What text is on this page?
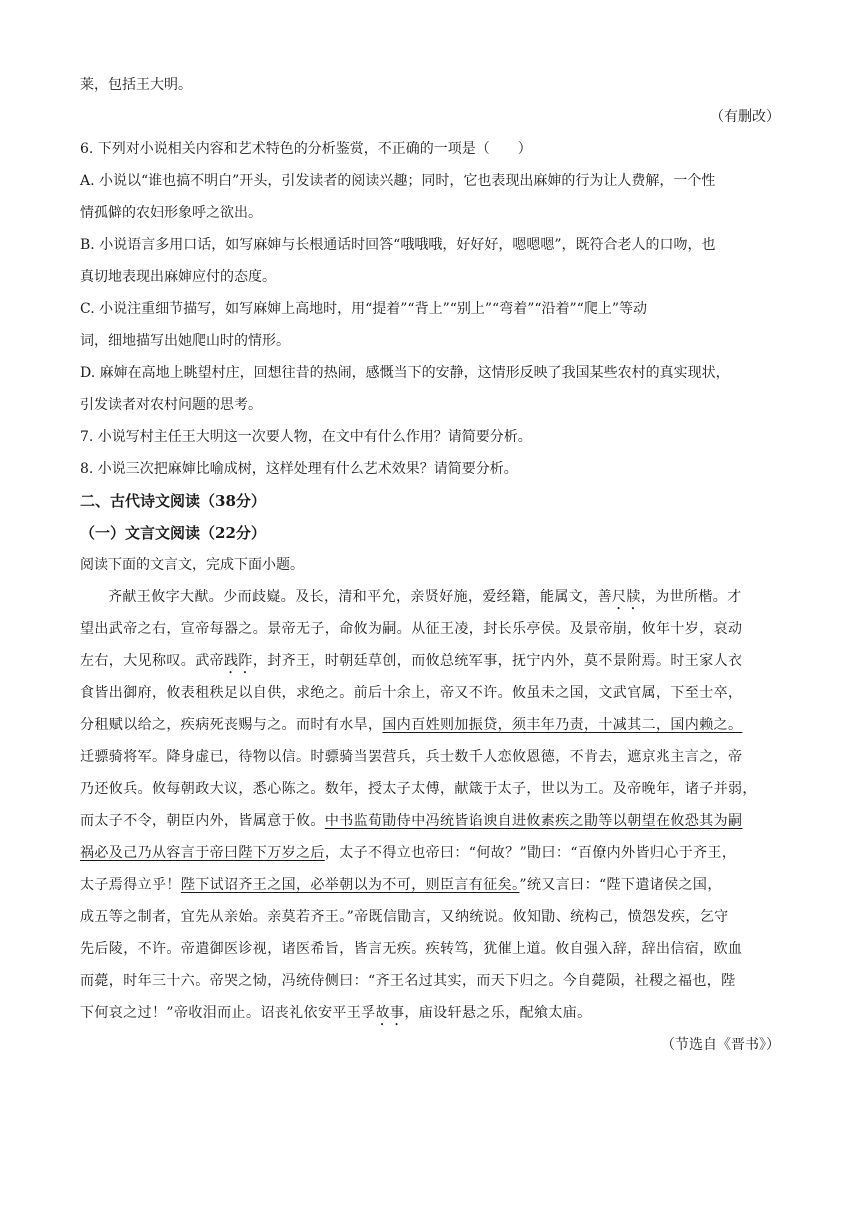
莱，包括王大明。
（有删改）
6. 下列对小说相关内容和艺术特色的分析鉴赏，不正确的一项是（　　）
A. 小说以“谁也搞不明白”开头，引发读者的阅读兴趣；同时，它也表现出麻婶的行为让人费解，一个性
情孤僻的农妇形象呼之欲出。
B. 小说语言多用口话，如写麻婶与长根通话时回答“哦哦哦，好好好，嗯嗯嗯”，既符合老人的口吻，也
真切地表现出麻婶应付的态度。
C. 小说注重细节描写，如写麻婶上高地时，用“提着”“背上”“别上”“弯着”“沿着”“爬上”等动
词，细地描写出她爬山时的情形。
D. 麻婶在高地上眺望村庄，回想往昔的热闹，感慨当下的安静，这情形反映了我国某些农村的真实现状，
引发读者对农村问题的思考。
7. 小说写村主任王大明这一次要人物，在文中有什么作用？请简要分析。
8. 小说三次把麻婶比喻成树，这样处理有什么艺术效果？请简要分析。
二、古代诗文阅读（38分）
（一）文言文阅读（22分）
阅读下面的文言文，完成下面小题。
齐献王攸字大猷。少而歧嶷。及长，清和平允，亲贤好施，爱经籍，能属文，善尺牍，为世所楷。才
望出武帝之右，宣帝每器之。景帝无子，命攸为嗣。从征王凌，封长乐亭侯。及景帝崩，攸年十岁，哀动
左右，大见称叹。武帝践阼，封齐王，时朝廷草创，而攸总统军事，抚宁内外，莫不景附焉。时王家人衣
食皆出御府，攸表租秩足以自供，求绝之。前后十余上，帝又不许。攸虽未之国，文武官属，下至士卒，
分租赋以给之，疾病死丧赐与之。而时有水旱，国内百姓则加振贷，须丰年乃责，十减其二，国内赖之。
迁骠骑将军。降身虚已，待物以信。时骠骑当罢营兵，兵士数千人恋攸恩德，不肯去，遮京兆主言之，帝
乃还攸兵。攸每朝政大议，悉心陈之。数年，授太子太傅，献箴于太子，世以为工。及帝晚年，诸子并弱，
而太子不令，朝臣内外，皆属意于攸。中书监荀勖侍中冯统皆谄谀自进攸素疾之勖等以朝望在攸恐其为嗣
祸必及己乃从容言于帝曰陛下万岁之后，太子不得立也帝曰：“何故？”勖曰：“百僚内外皆归心于齐王，
太子焉得立乎！陛下试诏齐王之国，必举朝以为不可，则臣言有征矣。”统又言曰：“陛下遣诸侯之国，
成五等之制者，宜先从亲始。亲莫若齐王。”帝既信勖言，又纳统说。攸知勖、统构己，愤怨发疾，乞守
先后陵，不许。帝遣御医诊视，诸医希旨，皆言无疾。疾转笃，犹催上道。攸自强入辞，辞出信宿，欧血
而薨，时年三十六。帝哭之恸，冯统侍侧曰：“齐王名过其实，而天下归之。今自薨陨，社稷之福也，陛
下何哀之过！”帝收泪而止。诏丧礼依安平王孚故事，庙设轩悬之乐，配飨太庙。
（节选自《晋书》）
